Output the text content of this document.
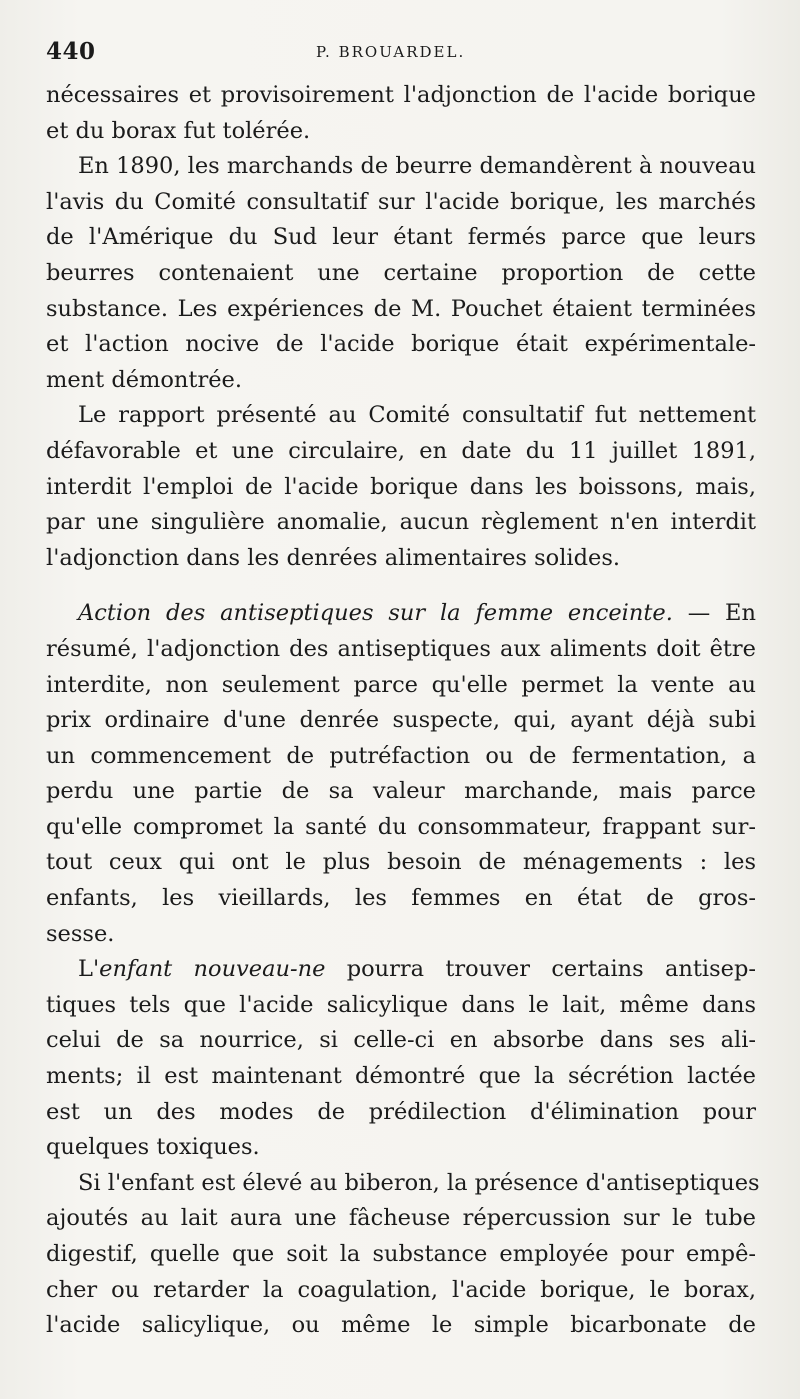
440	P. BROUARDEL.
nécessaires et provisoirement l'adjonction de l'acide borique
et du borax fut tolérée.
En 1890, les marchands de beurre demandèrent à nouveau
l'avis du Comité consultatif sur l'acide borique, les marchés
de l'Amérique du Sud leur étant fermés parce que leurs
beurres contenaient une certaine proportion de cette
substance. Les expériences de M. Pouchet étaient terminées
et l'action nocive de l'acide borique était expérimentale-
ment démontrée.
Le rapport présenté au Comité consultatif fut nettement
défavorable et une circulaire, en date du 11 juillet 1891,
interdit l'emploi de l'acide borique dans les boissons, mais,
par une singulière anomalie, aucun règlement n'en interdit
l'adjonction dans les denrées alimentaires solides.
Action des antiseptiques sur la femme enceinte. — En
résumé, l'adjonction des antiseptiques aux aliments doit être
interdite, non seulement parce qu'elle permet la vente au
prix ordinaire d'une denrée suspecte, qui, ayant déjà subi
un commencement de putréfaction ou de fermentation, a
perdu une partie de sa valeur marchande, mais parce
qu'elle compromet la santé du consommateur, frappant sur-
tout ceux qui ont le plus besoin de ménagements : les
enfants, les vieillards, les femmes en état de gros-
sesse.
L'enfant nouveau-ne pourra trouver certains antisep-
tiques tels que l'acide salicylique dans le lait, même dans
celui de sa nourrice, si celle-ci en absorbe dans ses ali-
ments; il est maintenant démontré que la sécrétion lactée
est un des modes de prédilection d'élimination pour
quelques toxiques.
Si l'enfant est élevé au biberon, la présence d'antiseptiques
ajoutés au lait aura une fâcheuse répercussion sur le tube
digestif, quelle que soit la substance employée pour empê-
cher ou retarder la coagulation, l'acide borique, le borax,
l'acide salicylique, ou même le simple bicarbonate de
